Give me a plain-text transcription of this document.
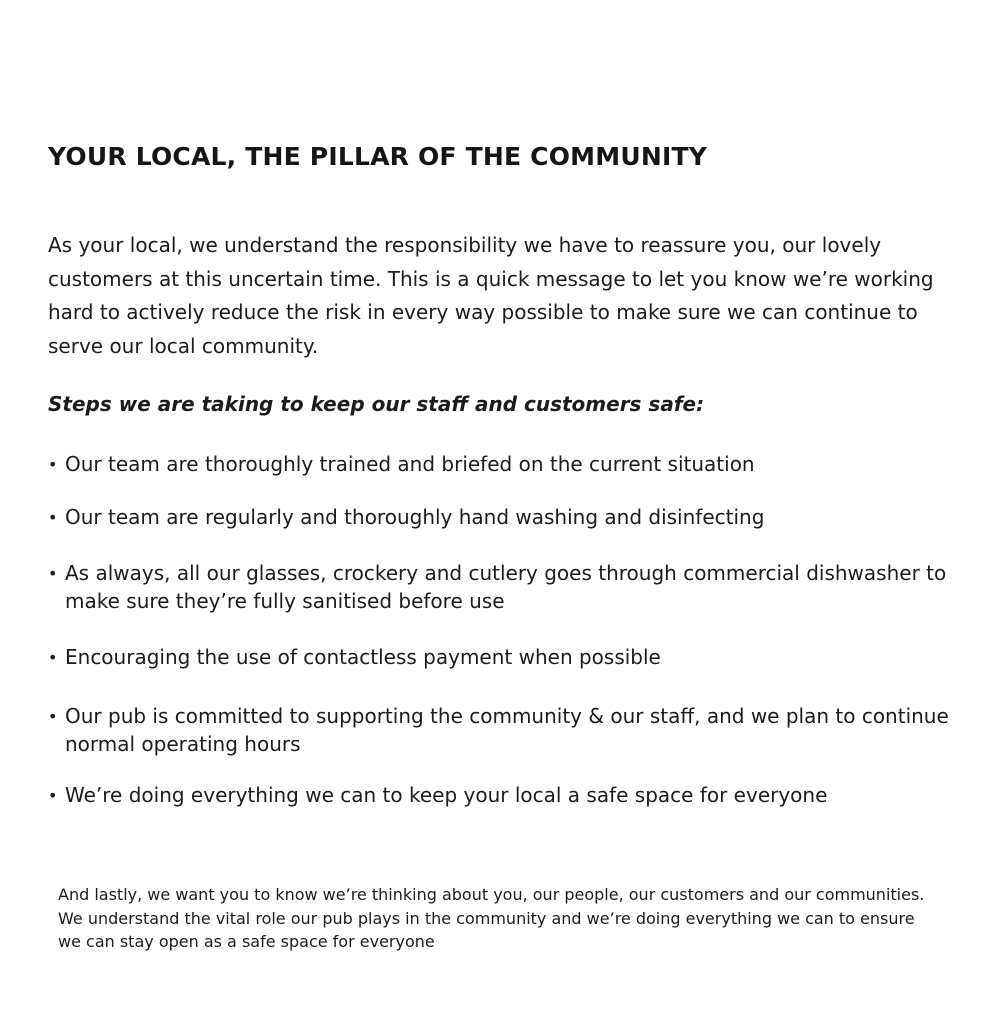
YOUR LOCAL, THE PILLAR OF THE COMMUNITY

As your local, we understand the responsibility we have to reassure you, our lovely customers at this uncertain time. This is a quick message to let you know we’re working hard to actively reduce the risk in every way possible to make sure we can continue to serve our local community.

Steps we are taking to keep our staff and customers safe:

• Our team are thoroughly trained and briefed on the current situation
• Our team are regularly and thoroughly hand washing and disinfecting
• As always, all our glasses, crockery and cutlery goes through commercial dishwasher to make sure they’re fully sanitised before use
• Encouraging the use of contactless payment when possible
• Our pub is committed to supporting the community & our staff, and we plan to continue normal operating hours
• We’re doing everything we can to keep your local a safe space for everyone

And lastly, we want you to know we’re thinking about you, our people, our customers and our communities. We understand the vital role our pub plays in the community and we’re doing everything we can to ensure we can stay open as a safe space for everyone
